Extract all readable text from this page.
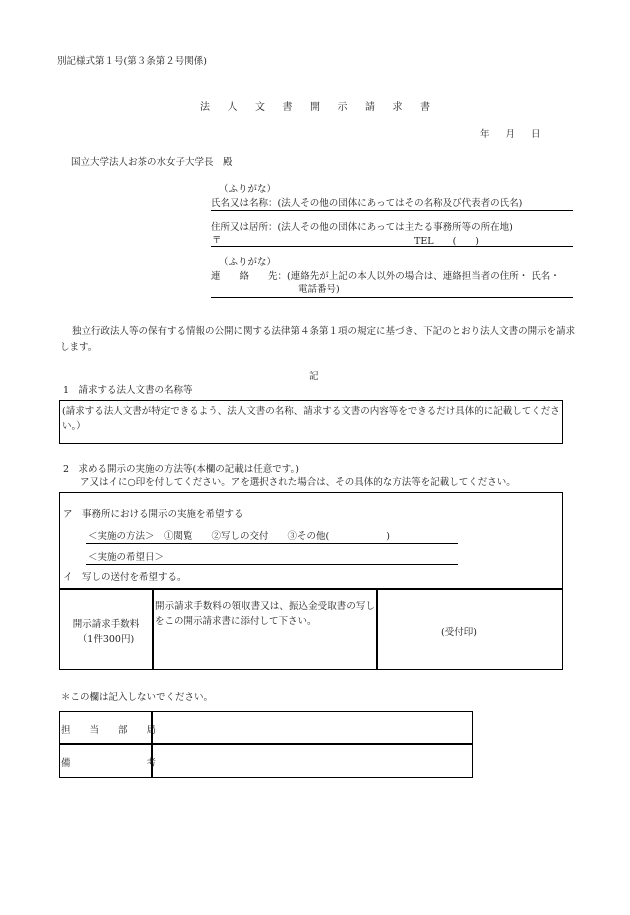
別記様式第１号(第３条第２号関係)
法人文書開示請求書
年 月 日
国立大学法人お茶の水女子大学長　殿
（ふりがな）
氏名又は名称：(法人その他の団体にあってはその名称及び代表者の氏名)
住所又は居所：(法人その他の団体にあっては主たる事務所等の所在地)
〒	TEL　　(　　)
（ふりがな）
連　　絡　　先：(連絡先が上記の本人以外の場合は、連絡担当者の住所・ 氏名・
電話番号)
独立行政法人等の保有する情報の公開に関する法律第４条第１項の規定に基づき、下記のとおり法人文書の開示を請求します。
記
1　請求する法人文書の名称等
(請求する法人文書が特定できるよう、法人文書の名称、請求する文書の内容等をできるだけ具体的に記載してください。）
2　求める開示の実施の方法等(本欄の記載は任意です。)
ア又はイに○印を付してください。アを選択された場合は、その具体的な方法等を記載してください。
ア　事務所における開示の実施を希望する
＜実施の方法＞　①閲覧　　②写しの交付　　③その他(　　　　　　)
＜実施の希望日＞
イ　写しの送付を希望する。
開示請求手数料
（1件300円)
開示請求手数料の領収書又は、振込金受取書の写しをこの開示請求書に添付して下さい。
(受付印)
＊この欄は記入しないでください。
担　　当　　部　　局
備　　　　　　　　考
